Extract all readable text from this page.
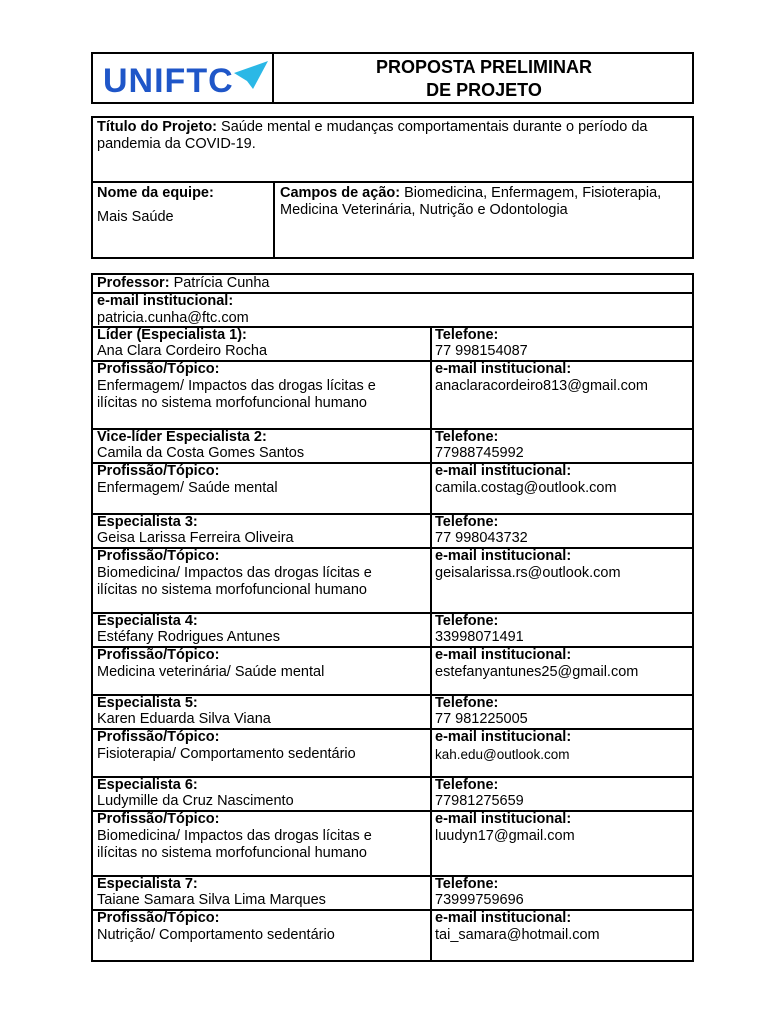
UNIFTC	PROPOSTA PRELIMINAR
DE PROJETO
Título do Projeto: Saúde mental e mudanças comportamentais durante o período da
pandemia da COVID-19.
Nome da equipe:
Mais Saúde
Campos de ação: Biomedicina, Enfermagem, Fisioterapia,
Medicina Veterinária, Nutrição e Odontologia
Professor: Patrícia Cunha
e-mail institucional:
patricia.cunha@ftc.com
Líder (Especialista 1):
Ana Clara Cordeiro Rocha
Telefone:
77 998154087
Profissão/Tópico:
Enfermagem/ Impactos das drogas lícitas e
ilícitas no sistema morfofuncional humano
e-mail institucional:
anaclaracordeiro813@gmail.com
Vice-líder Especialista 2:
Camila da Costa Gomes Santos
Telefone:
77988745992
Profissão/Tópico:
Enfermagem/ Saúde mental
e-mail institucional:
camila.costag@outlook.com
Especialista 3:
Geisa Larissa Ferreira Oliveira
Telefone:
77 998043732
Profissão/Tópico:
Biomedicina/ Impactos das drogas lícitas e
ilícitas no sistema morfofuncional humano
e-mail institucional:
geisalarissa.rs@outlook.com
Especialista 4:
Estéfany Rodrigues Antunes
Telefone:
33998071491
Profissão/Tópico:
Medicina veterinária/ Saúde mental
e-mail institucional:
estefanyantunes25@gmail.com
Especialista 5:
Karen Eduarda Silva Viana
Telefone:
77 981225005
Profissão/Tópico:
Fisioterapia/ Comportamento sedentário
e-mail institucional:
kah.edu@outlook.com
Especialista 6:
Ludymille da Cruz Nascimento
Telefone:
77981275659
Profissão/Tópico:
Biomedicina/ Impactos das drogas lícitas e
ilícitas no sistema morfofuncional humano
e-mail institucional:
luudyn17@gmail.com
Especialista 7:
Taiane Samara Silva Lima Marques
Telefone:
73999759696
Profissão/Tópico:
Nutrição/ Comportamento sedentário
e-mail institucional:
tai_samara@hotmail.com
